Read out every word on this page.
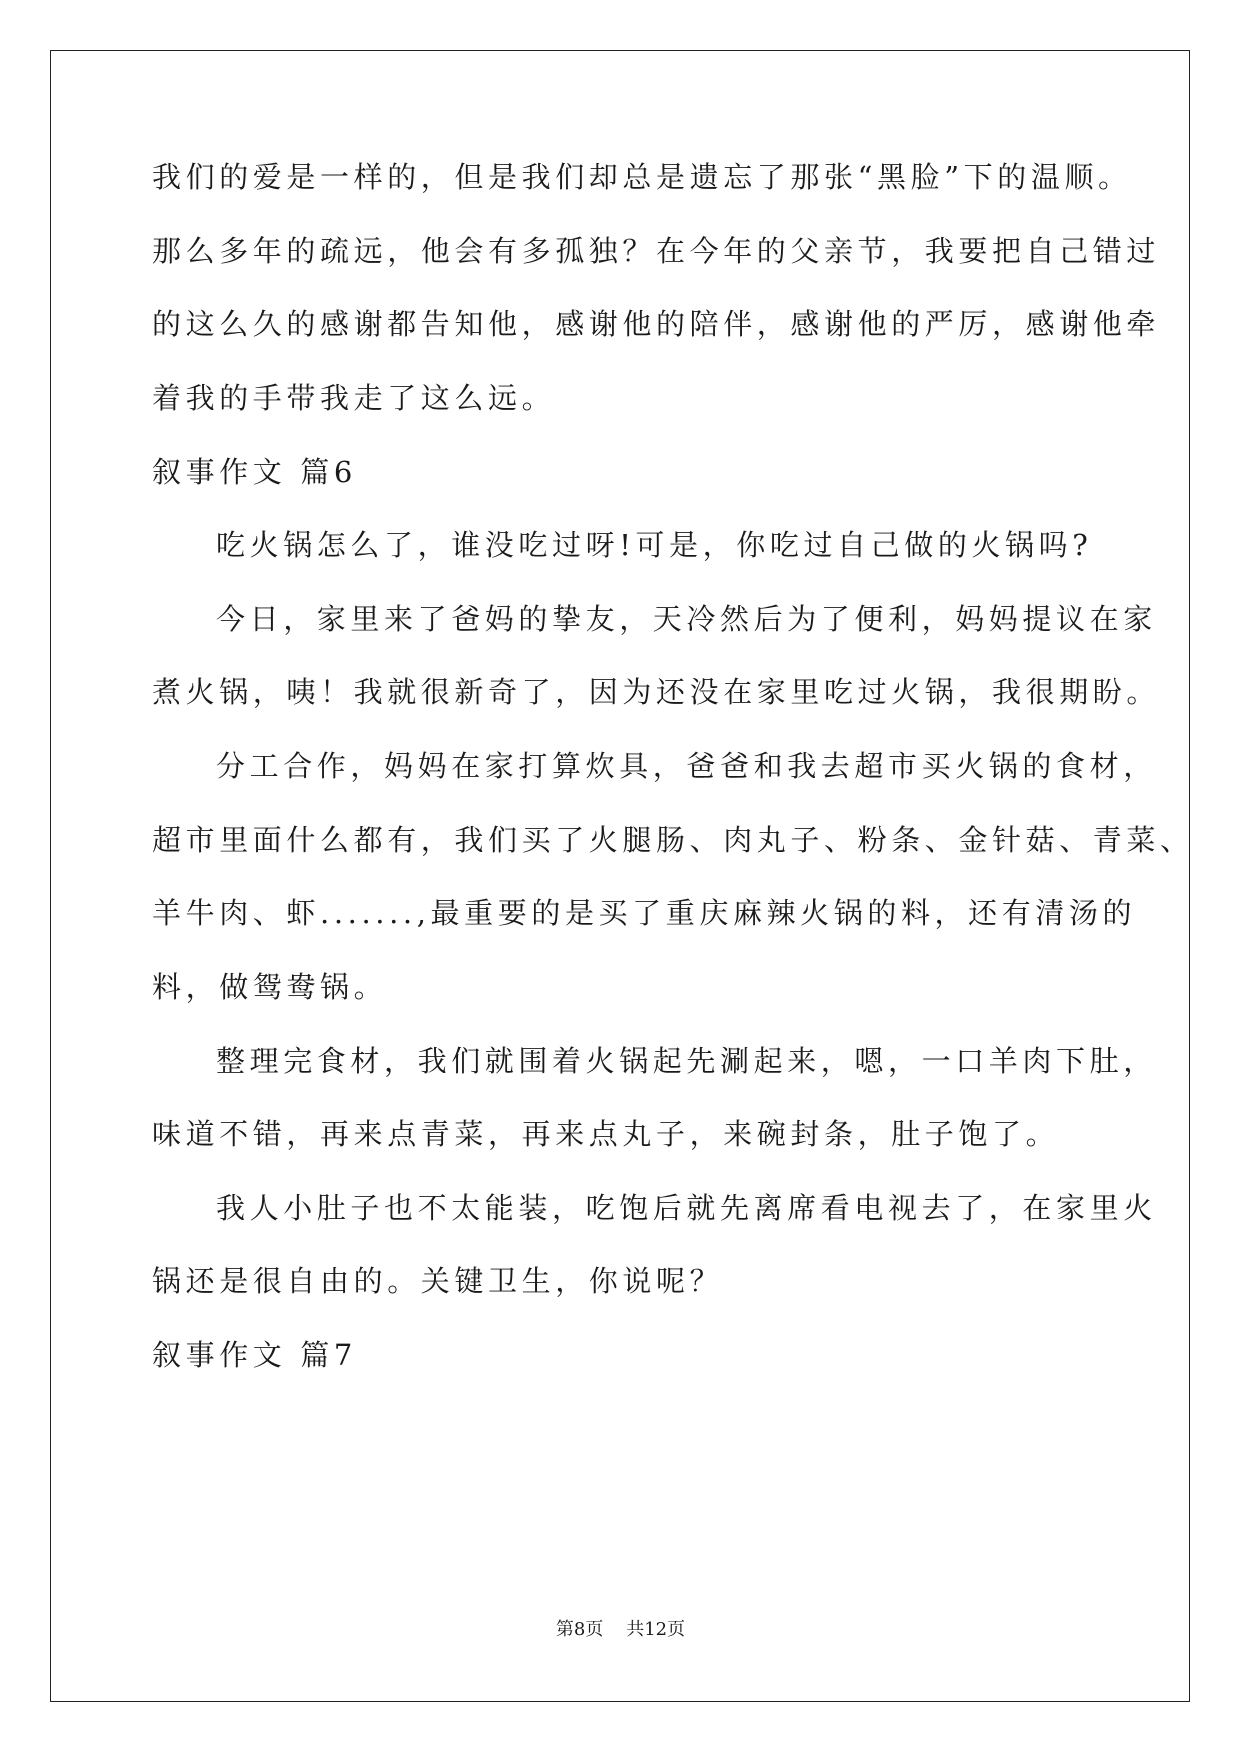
我们的爱是一样的，但是我们却总是遗忘了那张“黑脸”下的温顺。
那么多年的疏远，他会有多孤独？在今年的父亲节，我要把自己错过
的这么久的感谢都告知他，感谢他的陪伴，感谢他的严厉，感谢他牵
着我的手带我走了这么远。
叙事作文 篇6
吃火锅怎么了，谁没吃过呀!可是，你吃过自己做的火锅吗?
今日，家里来了爸妈的挚友，天冷然后为了便利，妈妈提议在家
煮火锅，咦！我就很新奇了，因为还没在家里吃过火锅，我很期盼。
分工合作，妈妈在家打算炊具，爸爸和我去超市买火锅的食材，
超市里面什么都有，我们买了火腿肠、肉丸子、粉条、金针菇、青菜、
羊牛肉、虾.......,最重要的是买了重庆麻辣火锅的料，还有清汤的
料，做鸳鸯锅。
整理完食材，我们就围着火锅起先涮起来，嗯，一口羊肉下肚，
味道不错，再来点青菜，再来点丸子，来碗封条，肚子饱了。
我人小肚子也不太能装，吃饱后就先离席看电视去了，在家里火
锅还是很自由的。关键卫生，你说呢？
叙事作文 篇7
第8页    共12页
